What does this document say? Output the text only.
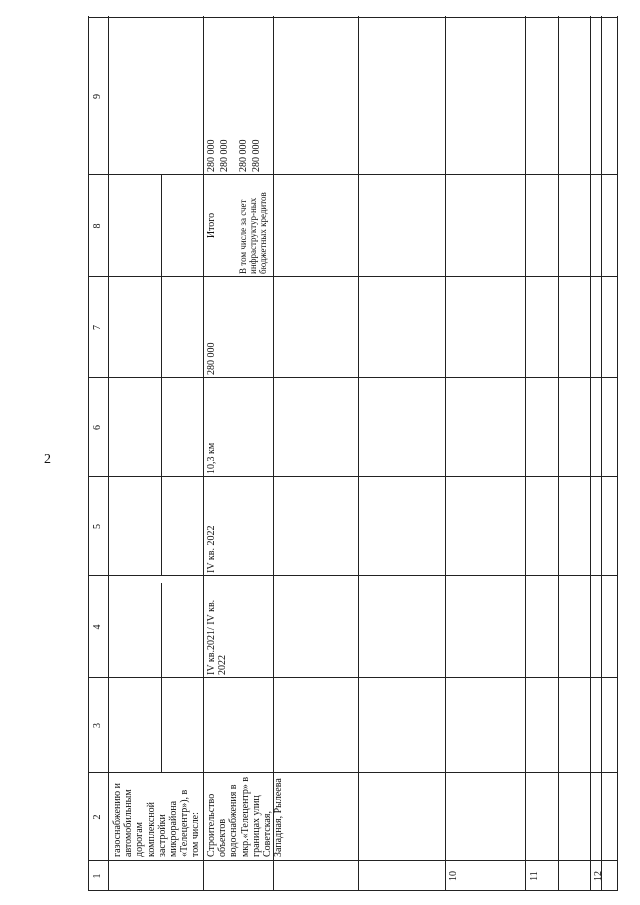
2
1
2
3
4
5
6
7
8
9
10	11	12
газоснабжению и автомобильным дорогам комплексной застройки микрорайона «Телецентр»), в том числе: Строительство объектов водоснабжения в мкр.«Телецентр» в границах улиц Советская, Западная, Рылеева
IV кв.2021/ IV кв. 2022
IV кв. 2022
10,3 км
280 000
Итого
280 000 280 000
В том числе за счет инфраструктур-ных бюджетных кредитов
280 000 280 000
